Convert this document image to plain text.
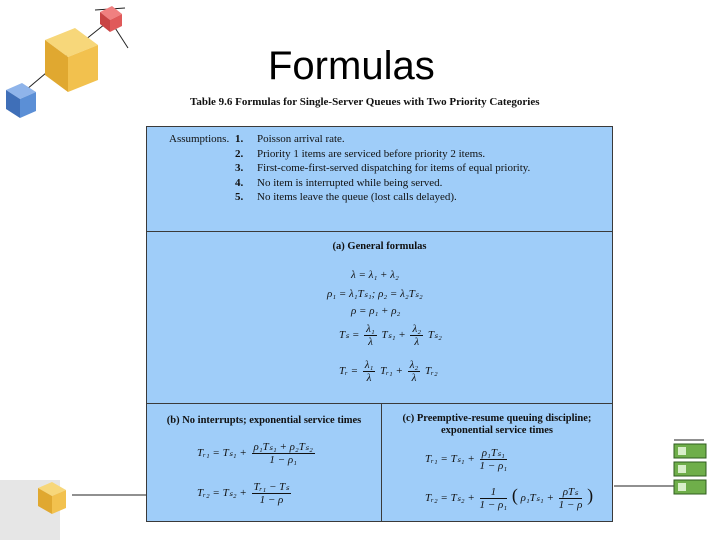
Formulas
Table 9.6 Formulas for Single-Server Queues with Two Priority Categories
Assumptions. 1. Poisson arrival rate.
2. Priority 1 items are serviced before priority 2 items.
3. First-come-first-served dispatching for items of equal priority.
4. No item is interrupted while being served.
5. No items leave the queue (lost calls delayed).
(a) General formulas
λ = λ₁ + λ₂
ρ₁ = λ₁Tₛ₁; ρ₂ = λ₂Tₛ₂
ρ = ρ₁ + ρ₂
$T_s = \frac{\text{λ₁}}{\lambda} T_{s1} + \frac{\text{λ₂}}{\lambda} T_{s2}$
Tᵣ = $\frac{\text{λ₁}}{\lambda}$ Tᵣ₁ + $\frac{\text{λ₂}}{\lambda}$ Tᵣ₂
(b) No interrupts; exponential service times
Tᵣ₁ = $T_{s1} + \frac{\text{ρ₁Tₛ₁ + ρ₂Tₛ₂}}{\text{1 − ρ₁}}$
Tᵣ₂ = $T_{s2} + \frac{\text{Tᵣ₁ − Tₛ}}{1 - \rho}$
(c) Preemptive-resume queuing discipline;
exponential service times
Tᵣ₁ = $T_{s1} + \frac{\text{ρ₁Tₛ₁}}{\text{1 − ρ₁}}$
Tᵣ₂ = $T_{s2} + \frac{1}{\text{1 − ρ₁}}$ ( $\rho_1T_{s1} + \frac{\text{ρTₛ}}{1 - \rho}$ )
